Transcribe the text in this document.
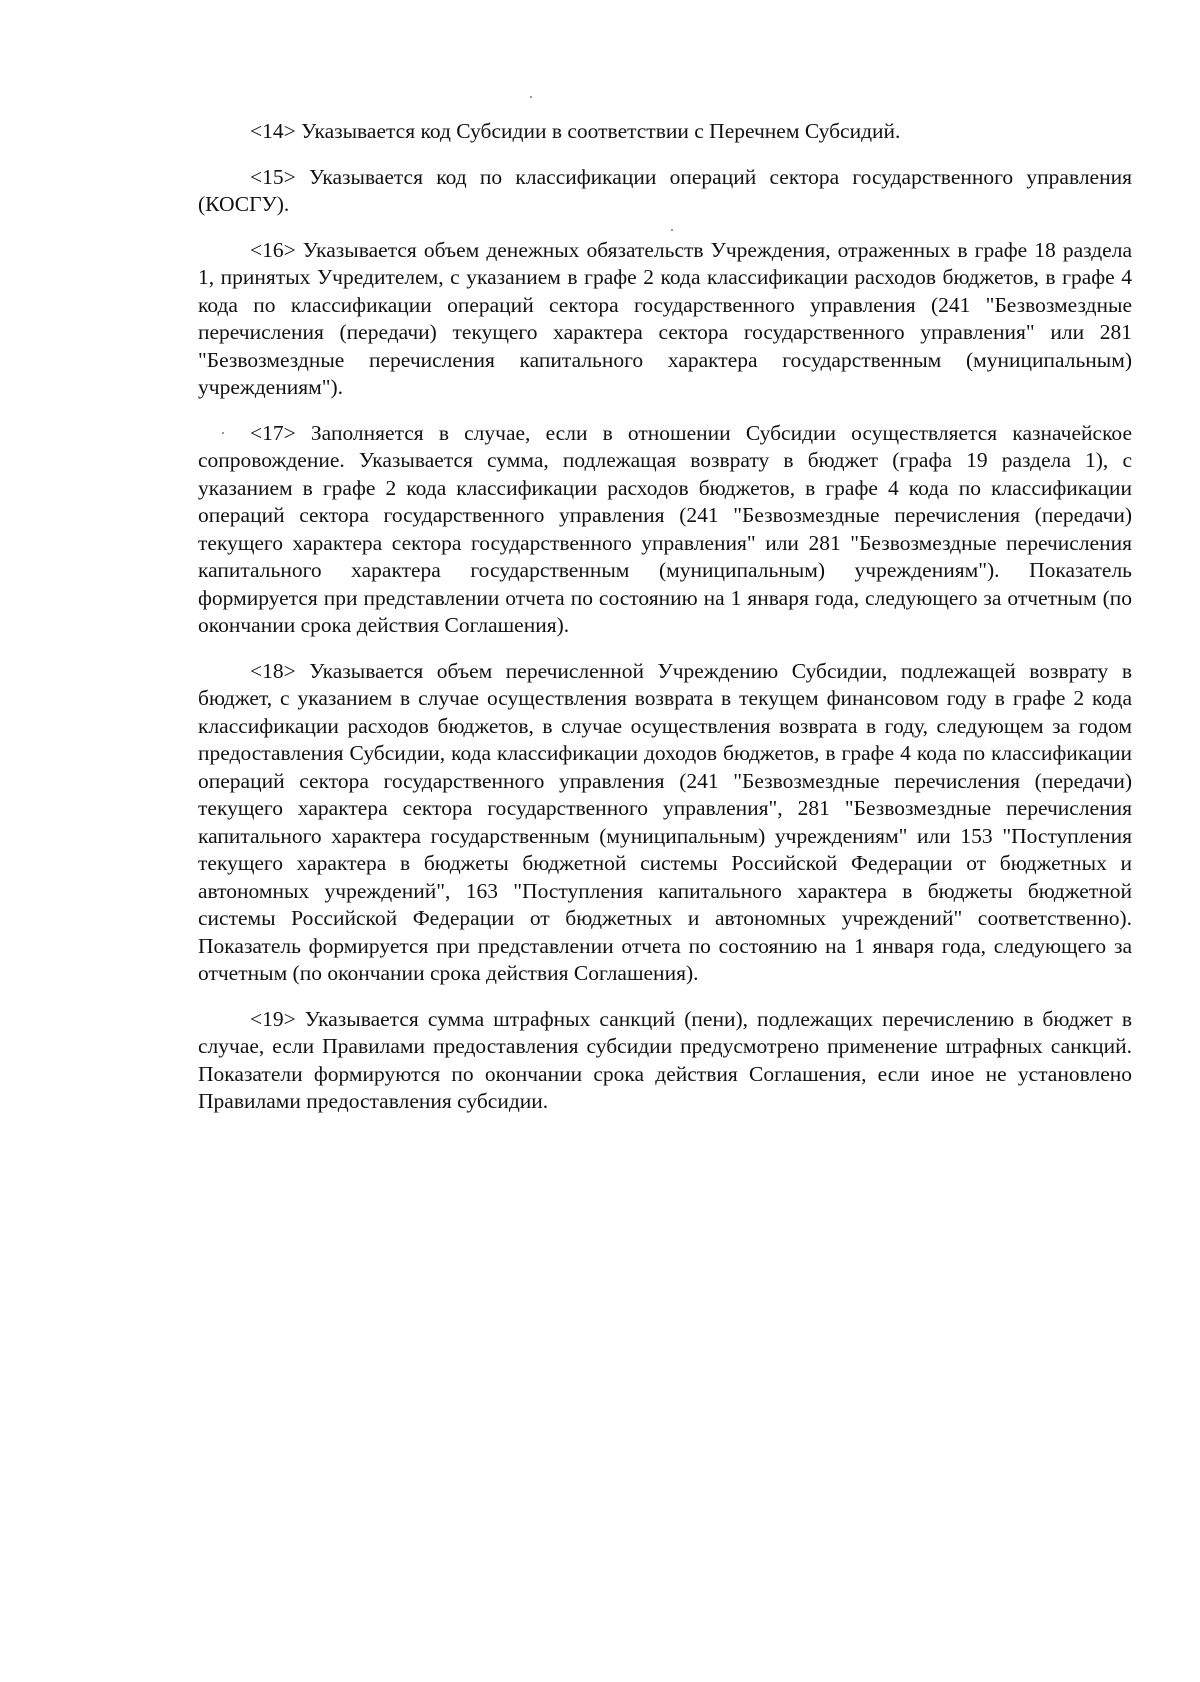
<14> Указывается код Субсидии в соответствии с Перечнем Субсидий.

<15> Указывается код по классификации операций сектора государственного управления (КОСГУ).

<16> Указывается объем денежных обязательств Учреждения, отраженных в графе 18 раздела 1, принятых Учредителем, с указанием в графе 2 кода классификации расходов бюджетов, в графе 4 кода по классификации операций сектора государственного управления (241 "Безвозмездные перечисления (передачи) текущего характера сектора государственного управления" или 281 "Безвозмездные перечисления капитального характера государственным (муниципальным) учреждениям").

<17> Заполняется в случае, если в отношении Субсидии осуществляется казначейское сопровождение. Указывается сумма, подлежащая возврату в бюджет (графа 19 раздела 1), с указанием в графе 2 кода классификации расходов бюджетов, в графе 4 кода по классификации операций сектора государственного управления (241 "Безвозмездные перечисления (передачи) текущего характера сектора государственного управления" или 281 "Безвозмездные перечисления капитального характера государственным (муниципальным) учреждениям"). Показатель формируется при представлении отчета по состоянию на 1 января года, следующего за отчетным (по окончании срока действия Соглашения).

<18> Указывается объем перечисленной Учреждению Субсидии, подлежащей возврату в бюджет, с указанием в случае осуществления возврата в текущем финансовом году в графе 2 кода классификации расходов бюджетов, в случае осуществления возврата в году, следующем за годом предоставления Субсидии, кода классификации доходов бюджетов, в графе 4 кода по классификации операций сектора государственного управления (241 "Безвозмездные перечисления (передачи) текущего характера сектора государственного управления", 281 "Безвозмездные перечисления капитального характера государственным (муниципальным) учреждениям" или 153 "Поступления текущего характера в бюджеты бюджетной системы Российской Федерации от бюджетных и автономных учреждений", 163 "Поступления капитального характера в бюджеты бюджетной системы Российской Федерации от бюджетных и автономных учреждений" соответственно). Показатель формируется при представлении отчета по состоянию на 1 января года, следующего за отчетным (по окончании срока действия Соглашения).

<19> Указывается сумма штрафных санкций (пени), подлежащих перечислению в бюджет в случае, если Правилами предоставления субсидии предусмотрено применение штрафных санкций. Показатели формируются по окончании срока действия Соглашения, если иное не установлено Правилами предоставления субсидии.
